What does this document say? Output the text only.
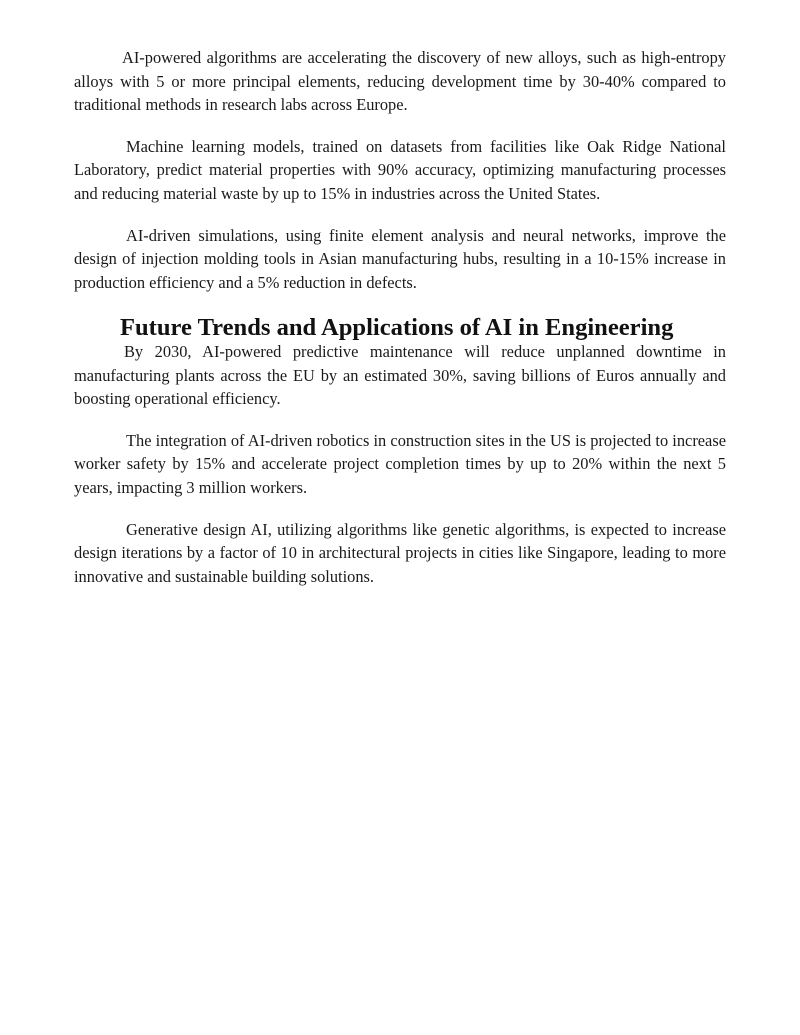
AI-powered algorithms are accelerating the discovery of new alloys, such as high-entropy alloys with 5 or more principal elements, reducing development time by 30-40% compared to traditional methods in research labs across Europe.

Machine learning models, trained on datasets from facilities like Oak Ridge National Laboratory, predict material properties with 90% accuracy, optimizing manufacturing processes and reducing material waste by up to 15% in industries across the United States.

AI-driven simulations, using finite element analysis and neural networks, improve the design of injection molding tools in Asian manufacturing hubs, resulting in a 10-15% increase in production efficiency and a 5% reduction in defects.

Future Trends and Applications of AI in Engineering

By 2030, AI-powered predictive maintenance will reduce unplanned downtime in manufacturing plants across the EU by an estimated 30%, saving billions of Euros annually and boosting operational efficiency.

The integration of AI-driven robotics in construction sites in the US is projected to increase worker safety by 15% and accelerate project completion times by up to 20% within the next 5 years, impacting 3 million workers.

Generative design AI, utilizing algorithms like genetic algorithms, is expected to increase design iterations by a factor of 10 in architectural projects in cities like Singapore, leading to more innovative and sustainable building solutions.
